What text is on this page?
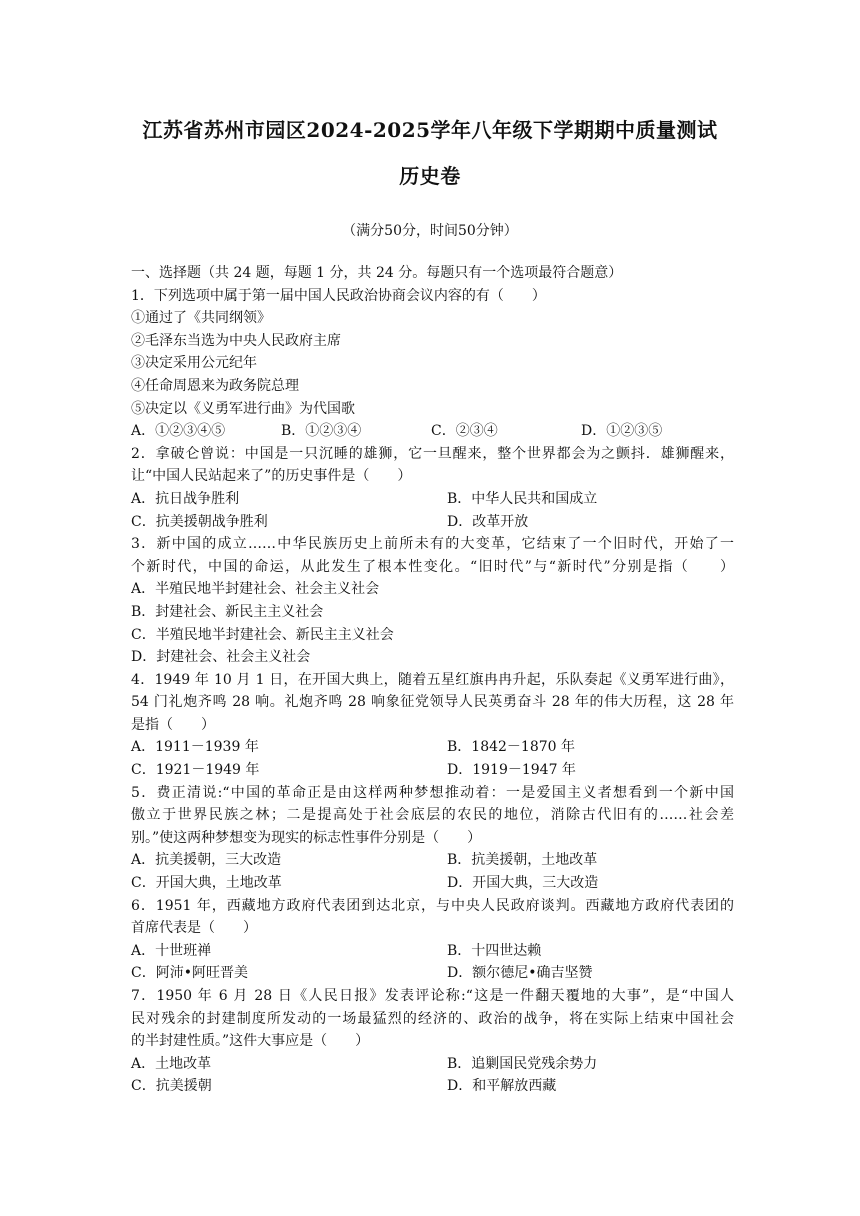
江苏省苏州市园区2024-2025学年八年级下学期期中质量测试
历史卷
（满分50分，时间50分钟）
一、选择题（共 24 题，每题 1 分，共 24 分。每题只有一个选项最符合题意）
1．下列选项中属于第一届中国人民政治协商会议内容的有（　　）
①通过了《共同纲领》
②毛泽东当选为中央人民政府主席
③决定采用公元纪年
④任命周恩来为政务院总理
⑤决定以《义勇军进行曲》为代国歌
A．①②③④⑤	B．①②③④	C．②③④	D．①②③⑤
2．拿破仑曾说：中国是一只沉睡的雄狮，它一旦醒来，整个世界都会为之颤抖．雄狮醒来，
让“中国人民站起来了”的历史事件是（　　）
A．抗日战争胜利	B．中华人民共和国成立
C．抗美援朝战争胜利	D．改革开放
3．新中国的成立……中华民族历史上前所未有的大变革，它结束了一个旧时代，开始了一
个新时代，中国的命运，从此发生了根本性变化。“旧时代”与“新时代”分别是指（　　）
A．半殖民地半封建社会、社会主义社会
B．封建社会、新民主主义社会
C．半殖民地半封建社会、新民主主义社会
D．封建社会、社会主义社会
4．1949 年 10 月 1 日，在开国大典上，随着五星红旗冉冉升起，乐队奏起《义勇军进行曲》，
54 门礼炮齐鸣 28 响。礼炮齐鸣 28 响象征党领导人民英勇奋斗 28 年的伟大历程，这 28 年
是指（　　）
A．1911－1939 年	B．1842－1870 年
C．1921－1949 年	D．1919－1947 年
5．费正清说:“中国的革命正是由这样两种梦想推动着：一是爱国主义者想看到一个新中国
傲立于世界民族之林；二是提高处于社会底层的农民的地位，消除古代旧有的……社会差
别。”使这两种梦想变为现实的标志性事件分别是（　　）
A．抗美援朝，三大改造	B．抗美援朝，土地改革
C．开国大典，土地改革	D．开国大典，三大改造
6．1951 年，西藏地方政府代表团到达北京，与中央人民政府谈判。西藏地方政府代表团的
首席代表是（　　）
A．十世班禅	B．十四世达赖
C．阿沛•阿旺晋美	D．额尔德尼•确吉坚赞
7．1950 年 6 月 28 日《人民日报》发表评论称:“这是一件翻天覆地的大事”，是“中国人
民对残余的封建制度所发动的一场最猛烈的经济的、政治的战争，将在实际上结束中国社会
的半封建性质。”这件大事应是（　　）
A．土地改革	B．追剿国民党残余势力
C．抗美援朝	D．和平解放西藏
